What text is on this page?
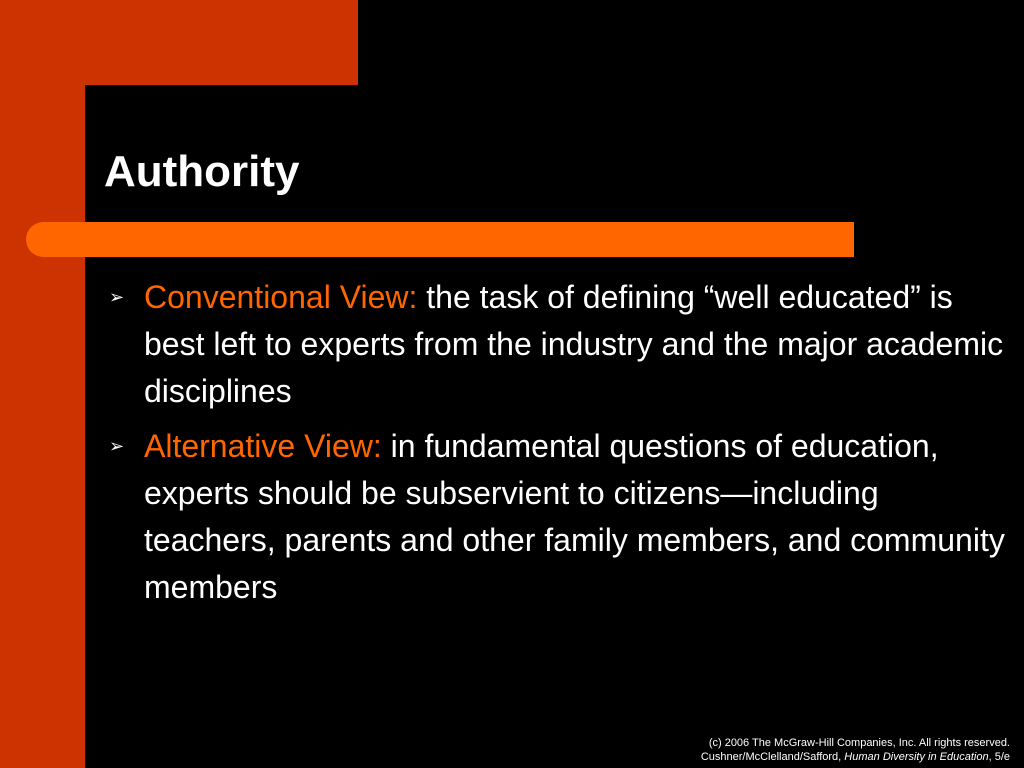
Authority
➢ Conventional View: the task of defining “well educated” is best left to experts from the industry and the major academic disciplines
➢ Alternative View: in fundamental questions of education, experts should be subservient to citizens—including teachers, parents and other family members, and community members
(c) 2006 The McGraw-Hill Companies, Inc. All rights reserved.
Cushner/McClelland/Safford, Human Diversity in Education, 5/e
